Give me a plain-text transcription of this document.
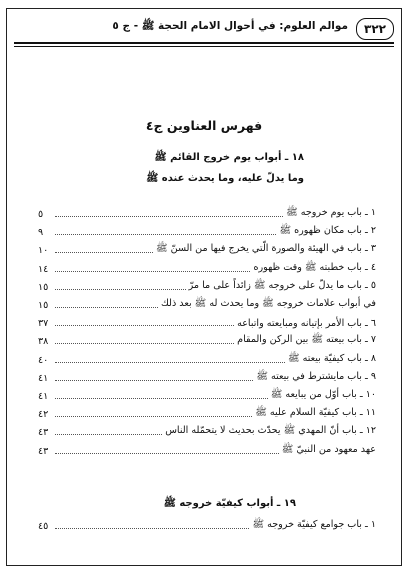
٣٢٢
موالم العلوم: في أحوال الامام الحجة ﷺ - ج ٥
فهرس العناوين ج٤
١٨ ـ أبواب يوم خروج القائم ﷺ
وما يدلّ عليه، وما يحدث عنده ﷺ
١ ـ باب يوم خروجه ﷺ
٥
٢ ـ باب مكان ظهوره ﷺ
٩
٣ ـ باب في الهيئة والصورة الّتي يخرج فيها من السنّ ﷺ
١٠
٤ ـ باب خطبته ﷺ وقت ظهوره
١٤
٥ ـ باب ما يدلّ على خروجه ﷺ زائداً على ما مرّ
١٥
في أبواب علامات خروجه ﷺ وما يحدث له ﷺ بعد ذلك
١٥
٦ ـ باب الأمر بإتيانه ومبايعته واتباعه
٣٧
٧ ـ باب بيعته ﷺ بين الركن والمقام
٣٨
٨ ـ باب كيفيّة بيعته ﷺ
٤٠
٩ ـ باب مايشترط في بيعته ﷺ
٤١
١٠ ـ باب أوّل من يبايعه ﷺ
٤١
١١ ـ باب كيفيّة السلام عليه ﷺ
٤٢
١٢ ـ باب أنّ المهدي ﷺ يحدّث بحديث لا يتحمّله الناس
٤٣
عهد معهود من النبيّ ﷺ
٤٣
١٩ ـ أبواب كيفيّة خروجه ﷺ
١ ـ باب جوامع كيفيّة خروجه ﷺ
٤٥
